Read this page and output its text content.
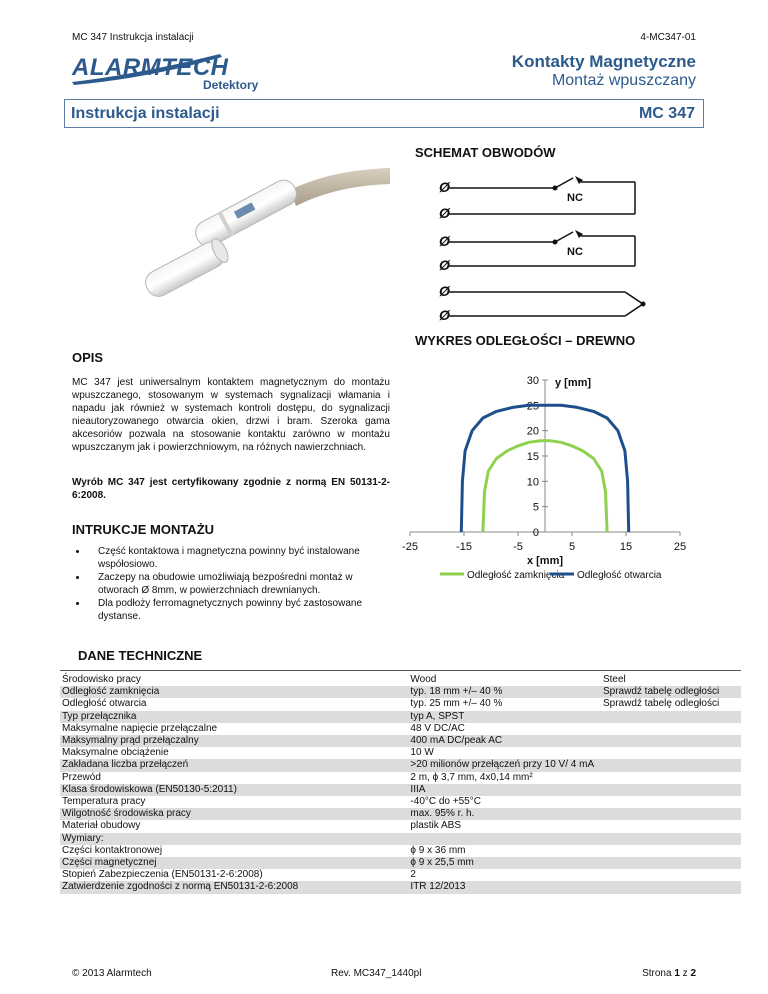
MC 347 Instrukcja instalacji	4-MC347-01
ALARMTECH
Detektory
Kontakty Magnetyczne
Montaż wpuszczany
Instrukcja instalacji	MC 347
SCHEMAT OBWODÓW
Ø
Ø
Ø
Ø
Ø
Ø
NC
NC
WYKRES ODLEGŁOŚCI – DREWNO
0
5
10
15
20
25
30
-25	-15	-5	5	15	25
y [mm]
x [mm]
Odległość zamknięcia Odległość otwarcia
OPIS
MC 347 jest uniwersalnym kontaktem magnetycznym do montażu wpuszczanego, stosowanym w systemach sygnalizacji włamania i napadu jak również w systemach kontroli dostępu, do sygnalizacji nieautoryzowanego otwarcia okien, drzwi i bram. Szeroka gama akcesoriów pozwala na stosowanie kontaktu zarówno w montażu wpuszczanym jak i powierzchniowym, na różnych nawierzchniach.
Wyrób MC 347 jest certyfikowany zgodnie z normą EN 50131-2-6:2008.
INTRUKCJE MONTAŻU
• Część kontaktowa i magnetyczna powinny być instalowane współosiowo.
• Zaczepy na obudowie umożliwiają bezpośredni montaż w otworach Ø 8mm, w powierzchniach drewnianych.
• Dla podłoży ferromagnetycznych powinny być zastosowane dystanse.
DANE TECHNICZNE
Środowisko pracy	Wood	Steel
Odległość zamknięcia	typ. 18 mm +/– 40 %	Sprawdź tabelę odległości
Odległość otwarcia	typ. 25 mm +/– 40 %	Sprawdź tabelę odległości
Typ przełącznika	typ A, SPST	
Maksymalne napięcie przełączalne	48 V DC/AC	
Maksymalny prąd przełączalny	400 mA DC/peak AC	
Maksymalne obciążenie	10 W	
Zakładana liczba przełączeń	>20 milionów przełączeń przy 10 V/ 4 mA	
Przewód	2 m, ϕ 3,7 mm, 4x0,14 mm²	
Klasa środowiskowa (EN50130-5:2011)	IIIA	
Temperatura pracy	-40°C do +55°C	
Wilgotność środowiska pracy	max. 95% r. h.	
Materiał obudowy	plastik ABS	
Wymiary:		
Części kontaktronowej	ϕ 9 x 36 mm	
Części magnetycznej	ϕ 9 x 25,5 mm	
Stopień Zabezpieczenia (EN50131-2-6:2008)	2	
Zatwierdzenie zgodności z normą EN50131-2-6:2008	ITR 12/2013	
© 2013 Alarmtech	Rev. MC347_1440pl	Strona 1 z 2
